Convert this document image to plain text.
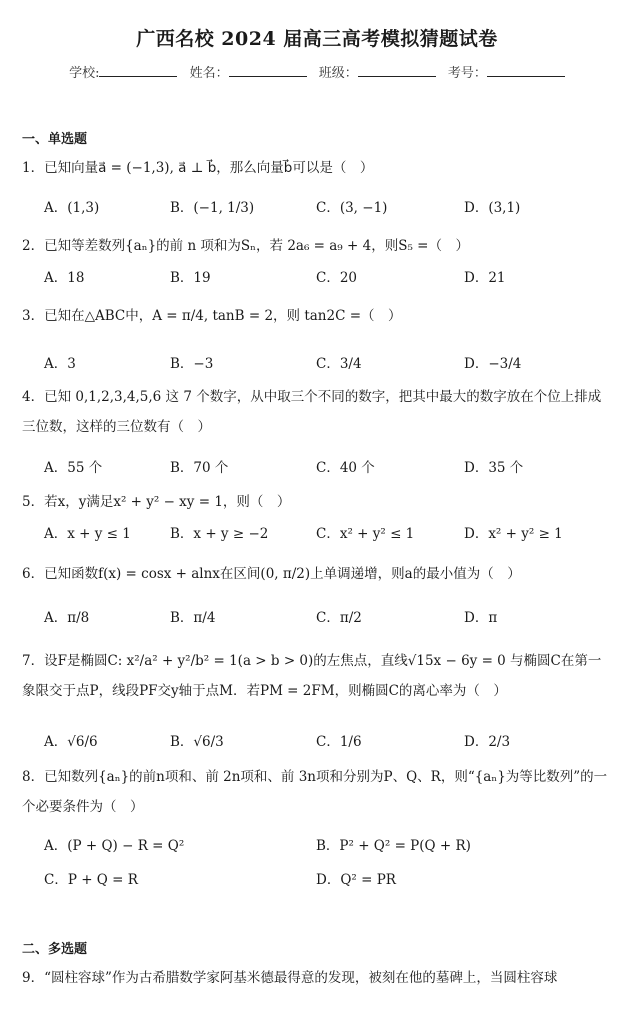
广西名校 2024 届高三高考模拟猜题试卷
学校:	姓名：	班级：	考号：
一、单选题
1．已知向量a⃗ = (−1,3), a⃗ ⊥ b⃗，那么向量b⃗可以是（　）
A．(1,3)	B．(−1, 1/3)	C．(3, −1)	D．(3,1)
2．已知等差数列{aₙ}的前 n 项和为Sₙ，若 2a₆ = a₉ + 4，则S₅ =（　）
A．18	B．19	C．20	D．21
3．已知在△ABC中，A = π/4, tanB = 2，则 tan2C =（　）
A．3	B．−3	C．3/4	D．−3/4
4．已知 0,1,2,3,4,5,6 这 7 个数字，从中取三个不同的数字，把其中最大的数字放在个位上排成三位数，这样的三位数有（　）
A．55 个	B．70 个	C．40 个	D．35 个
5．若x，y满足x² + y² − xy = 1，则（　）
A．x + y ≤ 1	B．x + y ≥ −2	C．x² + y² ≤ 1	D．x² + y² ≥ 1
6．已知函数f(x) = cosx + alnx在区间(0, π/2)上单调递增，则a的最小值为（　）
A．π/8	B．π/4	C．π/2	D．π
7．设F是椭圆C: x²/a² + y²/b² = 1(a > b > 0)的左焦点，直线√15x − 6y = 0 与椭圆C在第一象限交于点P，线段PF交y轴于点M．若PM = 2FM，则椭圆C的离心率为（　）
A．√6/6	B．√6/3	C．1/6	D．2/3
8．已知数列{aₙ}的前n项和、前 2n项和、前 3n项和分别为P、Q、R，则“{aₙ}为等比数列”的一个必要条件为（　）
A．(P + Q) − R = Q²	B．P² + Q² = P(Q + R)
C．P + Q = R	D．Q² = PR
二、多选题
9．“圆柱容球”作为古希腊数学家阿基米德最得意的发现，被刻在他的墓碑上，当圆柱容球
